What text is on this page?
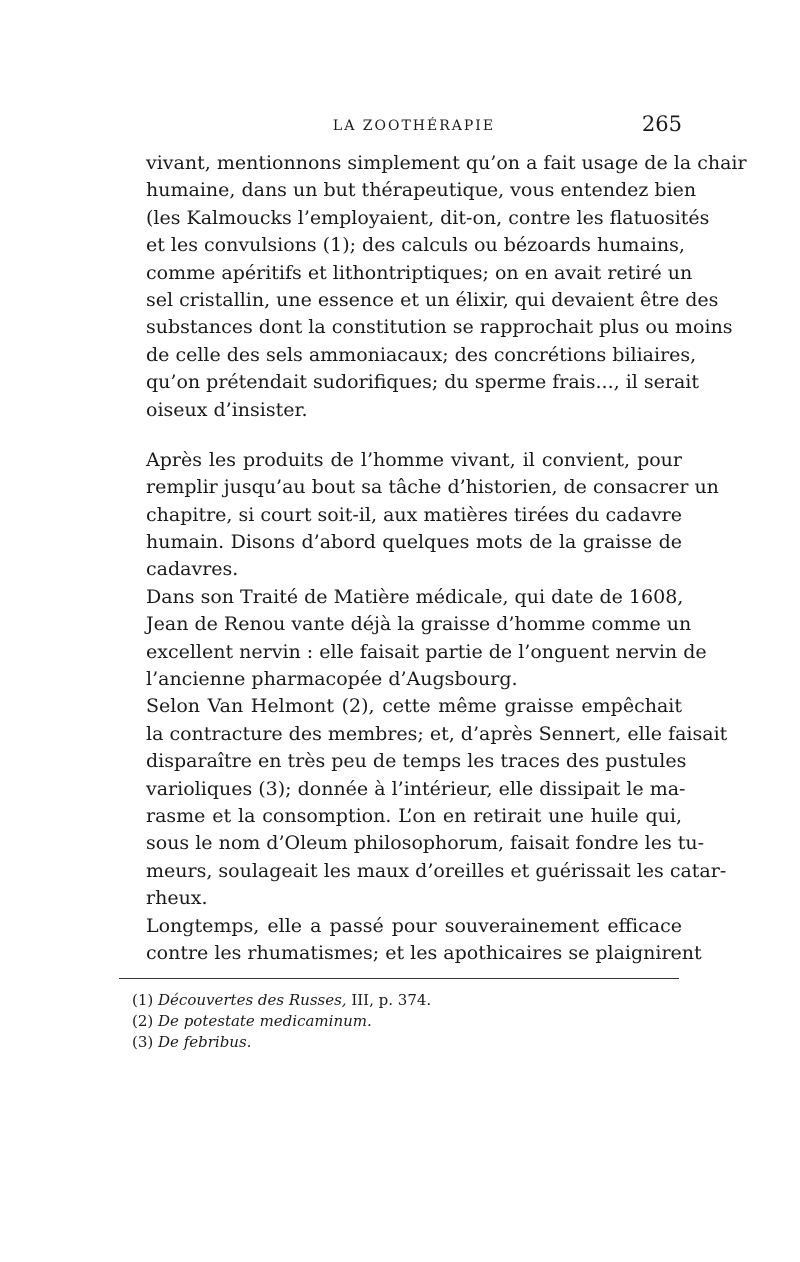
LA ZOOTHÉRAPIE	265
vivant, mentionnons simplement qu’on a fait usage de la chair
humaine, dans un but thérapeutique, vous entendez bien
(les Kalmoucks l’employaient, dit-on, contre les flatuosités
et les convulsions (1); des calculs ou bézoards humains,
comme apéritifs et lithontriptiques; on en avait retiré un
sel cristallin, une essence et un élixir, qui devaient être des
substances dont la constitution se rapprochait plus ou moins
de celle des sels ammoniacaux; des concrétions biliaires,
qu’on prétendait sudorifiques; du sperme frais..., il serait
oiseux d’insister.
Après les produits de l’homme vivant, il convient, pour
remplir jusqu’au bout sa tâche d’historien, de consacrer un
chapitre, si court soit-il, aux matières tirées du cadavre
humain. Disons d’abord quelques mots de la graisse de
cadavres.
Dans son Traité de Matière médicale, qui date de 1608,
Jean de Renou vante déjà la graisse d’homme comme un
excellent nervin : elle faisait partie de l’onguent nervin de
l’ancienne pharmacopée d’Augsbourg.
Selon Van Helmont (2), cette même graisse empêchait
la contracture des membres; et, d’après Sennert, elle faisait
disparaître en très peu de temps les traces des pustules
varioliques (3); donnée à l’intérieur, elle dissipait le ma-
rasme et la consomption. L’on en retirait une huile qui,
sous le nom d’Oleum philosophorum, faisait fondre les tu-
meurs, soulageait les maux d’oreilles et guérissait les catar-
rheux.
Longtemps, elle a passé pour souverainement efficace
contre les rhumatismes; et les apothicaires se plaignirent
(1) Découvertes des Russes, III, p. 374.
(2) De potestate medicaminum.
(3) De febribus.
